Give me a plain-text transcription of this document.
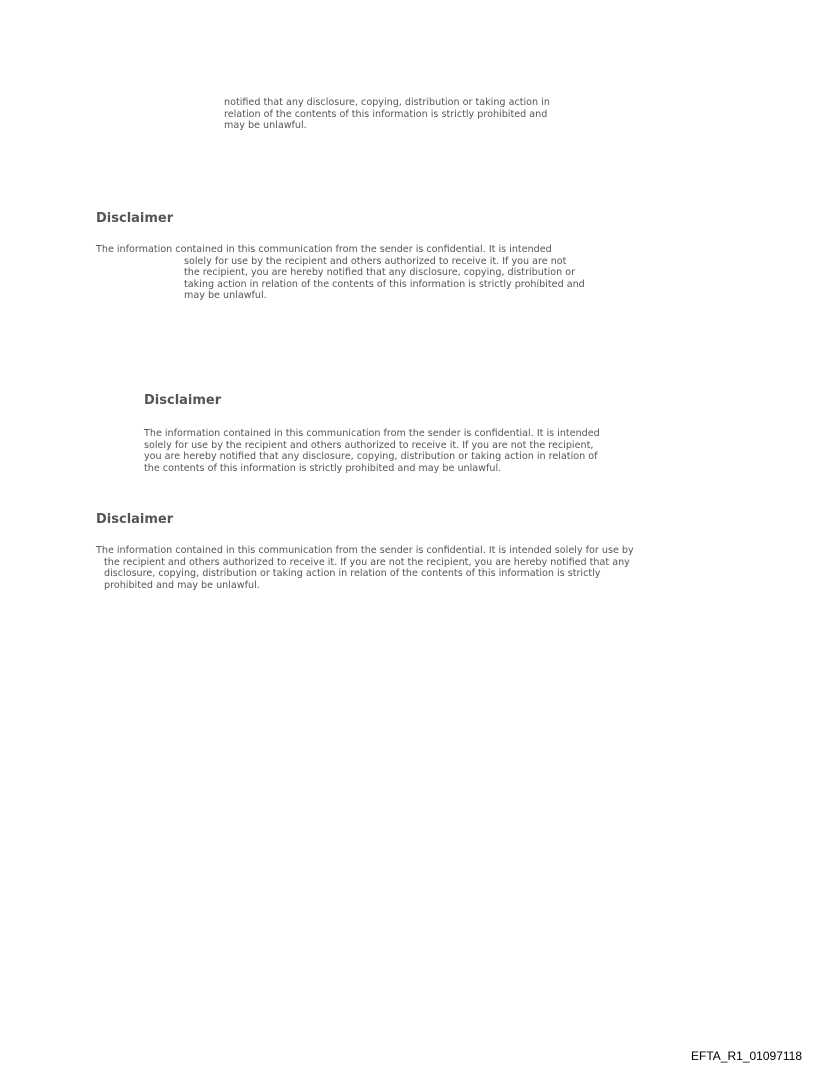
notified that any disclosure, copying, distribution or taking action in
relation of the contents of this information is strictly prohibited and
may be unlawful.
Disclaimer
The information contained in this communication from the sender is confidential. It is intended
solely for use by the recipient and others authorized to receive it. If you are not
the recipient, you are hereby notified that any disclosure, copying, distribution or
taking action in relation of the contents of this information is strictly prohibited and
may be unlawful.
Disclaimer
The information contained in this communication from the sender is confidential. It is intended
solely for use by the recipient and others authorized to receive it. If you are not the recipient,
you are hereby notified that any disclosure, copying, distribution or taking action in relation of
the contents of this information is strictly prohibited and may be unlawful.
Disclaimer
The information contained in this communication from the sender is confidential. It is intended solely for use by
the recipient and others authorized to receive it. If you are not the recipient, you are hereby notified that any
disclosure, copying, distribution or taking action in relation of the contents of this information is strictly
prohibited and may be unlawful.
EFTA_R1_01097118
